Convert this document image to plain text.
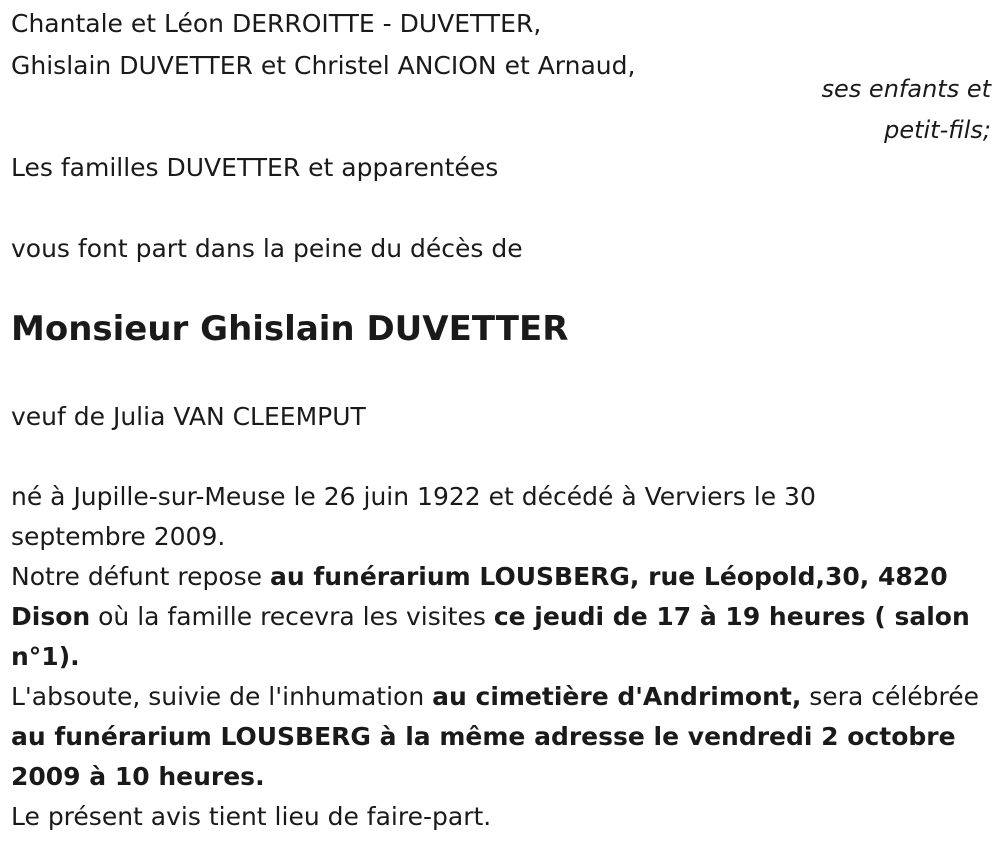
Chantale et Léon DERROITTE - DUVETTER,
Ghislain DUVETTER et Christel ANCION et Arnaud,
ses enfants et
petit-fils;
Les familles DUVETTER et apparentées
vous font part dans la peine du décès de
Monsieur Ghislain DUVETTER
veuf de Julia VAN CLEEMPUT
né à Jupille-sur-Meuse le 26 juin 1922 et décédé à Verviers le 30
septembre 2009.
Notre défunt repose au funérarium LOUSBERG, rue Léopold,30, 4820 Dison où la famille recevra les visites ce jeudi de 17 à 19 heures ( salon n°1).
L'absoute, suivie de l'inhumation au cimetière d'Andrimont, sera célébrée au funérarium LOUSBERG à la même adresse le vendredi 2 octobre 2009 à 10 heures.
Le présent avis tient lieu de faire-part.
